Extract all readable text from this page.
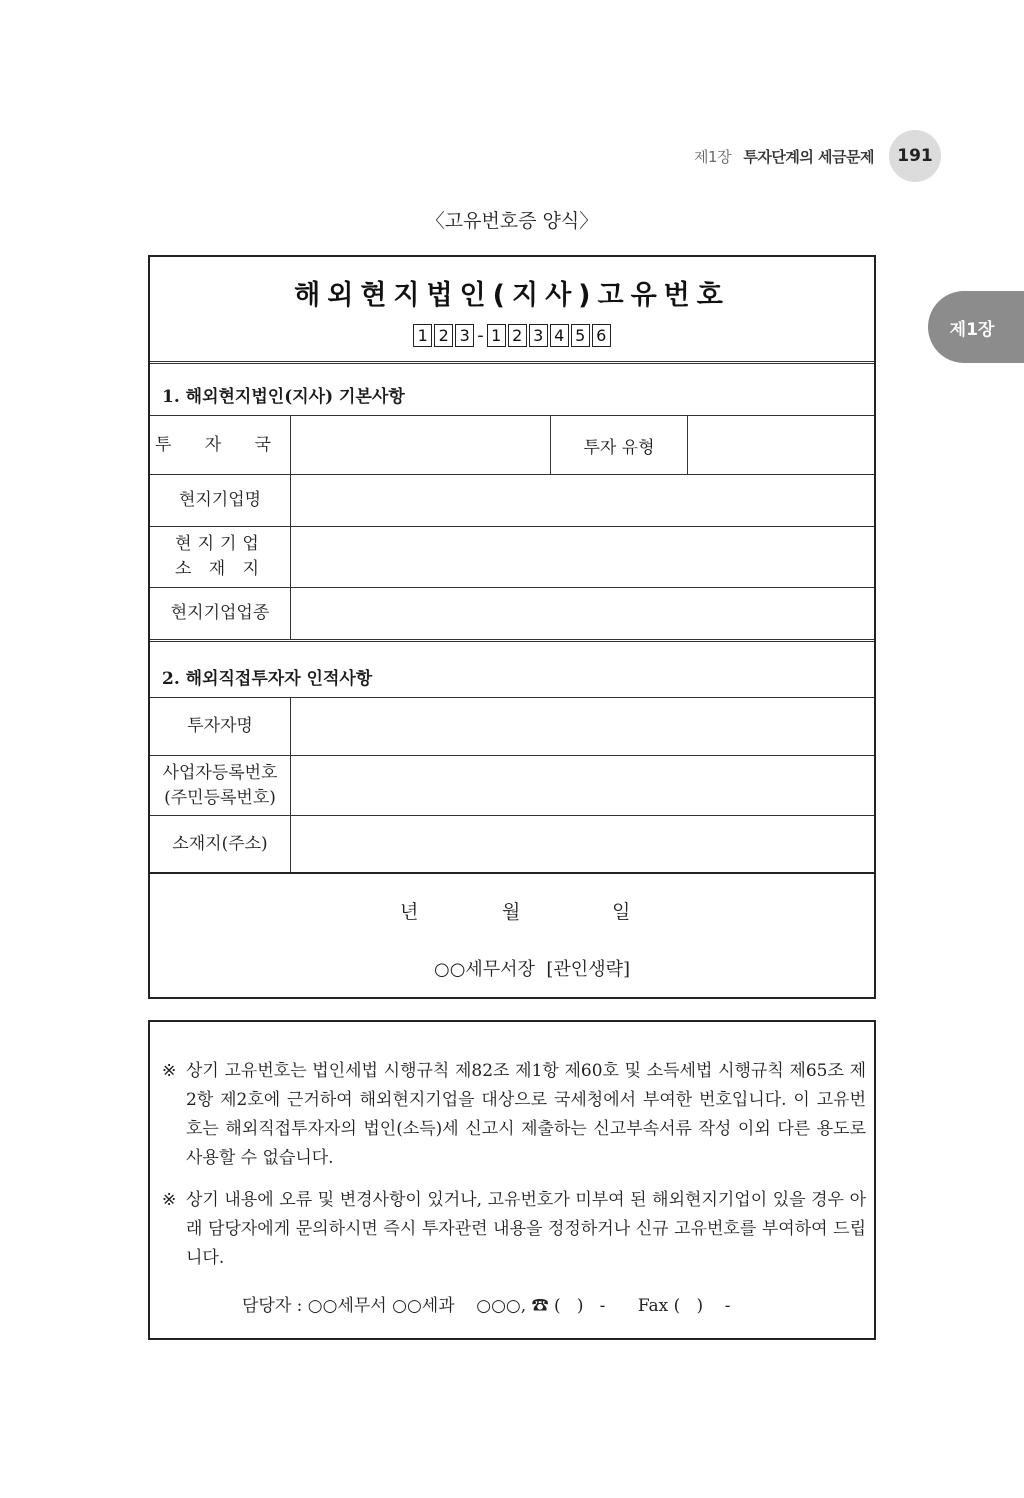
제1장 투자단계의 세금문제	191
제1장
〈고유번호증 양식〉
해외현지법인(지사)고유번호
1 2 3 - 1 2 3 4 5 6
1. 해외현지법인(지사) 기본사항
투 자 국	투자 유형
현지기업명
현지기업
소 재 지
현지기업업종
2. 해외직접투자자 인적사항
투자자명
사업자등록번호
(주민등록번호)
소재지(주소)
년	월	일
○○세무서장  [관인생략]
※ 상기 고유번호는 법인세법 시행규칙 제82조 제1항 제60호 및 소득세법 시행규칙 제65조 제2항 제2호에 근거하여 해외현지기업을 대상으로 국세청에서 부여한 번호입니다. 이 고유번호는 해외직접투자자의 법인(소득)세 신고시 제출하는 신고부속서류 작성 이외 다른 용도로 사용할 수 없습니다.
※ 상기 내용에 오류 및 변경사항이 있거나, 고유번호가 미부여 된 해외현지기업이 있을 경우 아래 담당자에게 문의하시면 즉시 투자관련 내용을 정정하거나 신규 고유번호를 부여하여 드립니다.
담당자 : ○○세무서 ○○세과    ○○○, ☎ (   )   -      Fax (   )    -
